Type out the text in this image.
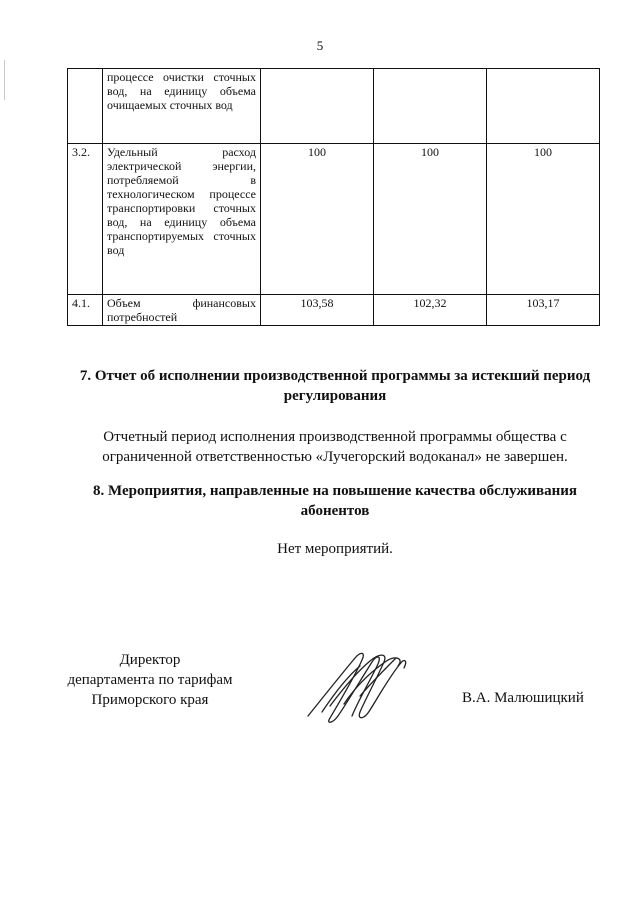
5
	процессе очистки сточных вод, на единицу объема очищаемых сточных вод			
3.2.	Удельный расход электрической энергии, потребляемой в технологическом процессе транспортировки сточных вод, на единицу объема транспортируемых сточных вод	100	100	100
4.1.	Объем финансовых потребностей	103,58	102,32	103,17
7. Отчет об исполнении производственной программы за истекший период регулирования
Отчетный период исполнения производственной программы общества с ограниченной ответственностью «Лучегорский водоканал» не завершен.
8. Мероприятия, направленные на повышение качества обслуживания абонентов
Нет мероприятий.
Директор
департамента по тарифам
Приморского края	В.А. Малюшицкий
